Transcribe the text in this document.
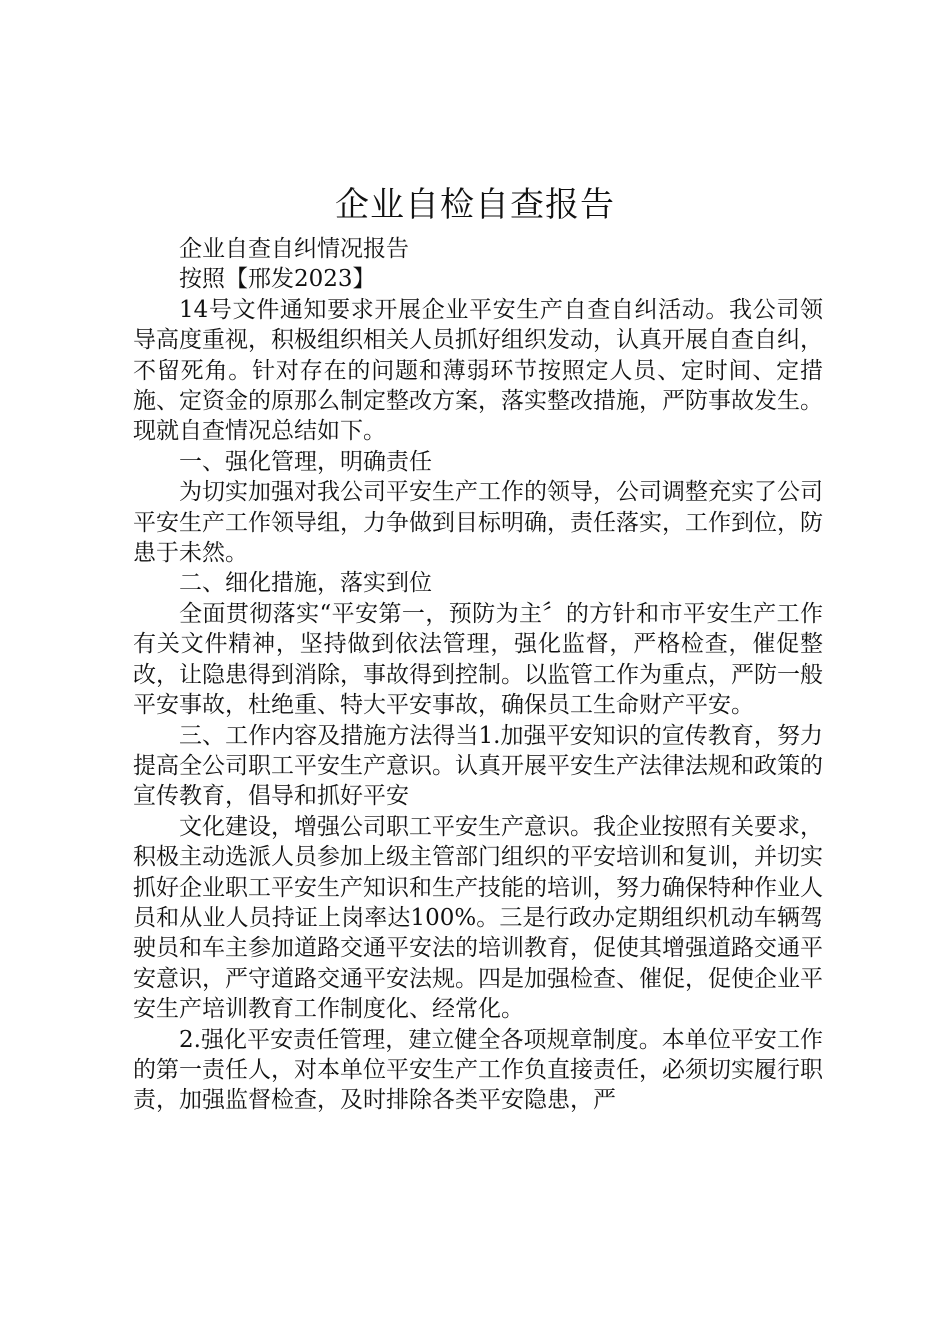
企业自检自查报告

企业自查自纠情况报告

按照【邢发2023】

14号文件通知要求开展企业平安生产自查自纠活动。我公司领导高度重视，积极组织相关人员抓好组织发动，认真开展自查自纠，不留死角。针对存在的问题和薄弱环节按照定人员、定时间、定措施、定资金的原那么制定整改方案，落实整改措施，严防事故发生。现就自查情况总结如下。

一、强化管理，明确责任

为切实加强对我公司平安生产工作的领导，公司调整充实了公司平安生产工作领导组，力争做到目标明确，责任落实，工作到位，防患于未然。

二、细化措施，落实到位

全面贯彻落实“平安第一，预防为主〞的方针和市平安生产工作有关文件精神，坚持做到依法管理，强化监督，严格检查，催促整改，让隐患得到消除，事故得到控制。以监管工作为重点，严防一般平安事故，杜绝重、特大平安事故，确保员工生命财产平安。

三、工作内容及措施方法得当1.加强平安知识的宣传教育，努力提高全公司职工平安生产意识。认真开展平安生产法律法规和政策的宣传教育，倡导和抓好平安

文化建设，增强公司职工平安生产意识。我企业按照有关要求，积极主动选派人员参加上级主管部门组织的平安培训和复训，并切实抓好企业职工平安生产知识和生产技能的培训，努力确保特种作业人员和从业人员持证上岗率达100%。三是行政办定期组织机动车辆驾驶员和车主参加道路交通平安法的培训教育，促使其增强道路交通平安意识，严守道路交通平安法规。四是加强检查、催促，促使企业平安生产培训教育工作制度化、经常化。

2.强化平安责任管理，建立健全各项规章制度。本单位平安工作的第一责任人，对本单位平安生产工作负直接责任，必须切实履行职责，加强监督检查，及时排除各类平安隐患，严
